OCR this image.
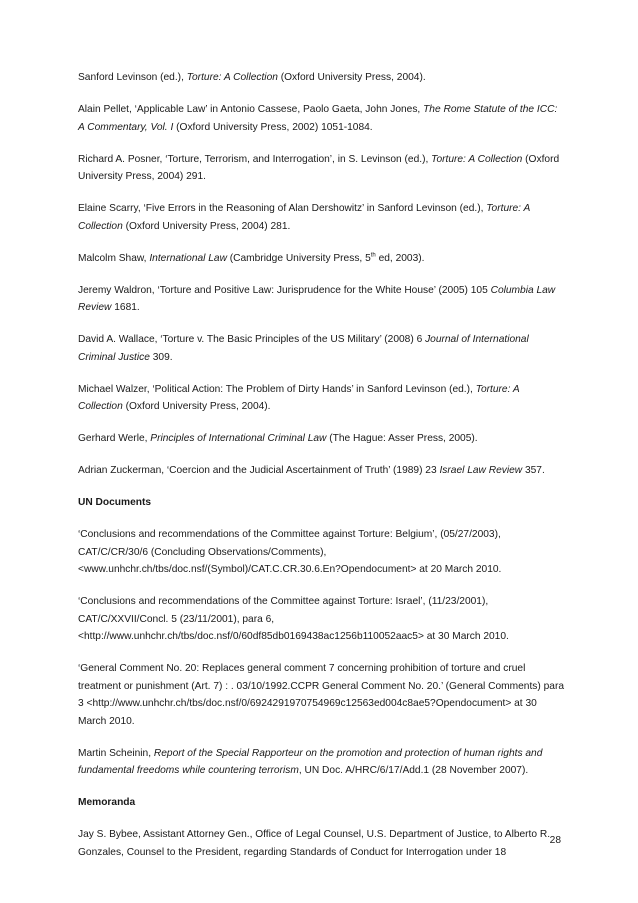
Sanford Levinson (ed.), Torture: A Collection (Oxford University Press, 2004).
Alain Pellet, ‘Applicable Law’ in Antonio Cassese, Paolo Gaeta, John Jones, The Rome Statute of the ICC: A Commentary, Vol. I (Oxford University Press, 2002) 1051-1084.
Richard A. Posner, ‘Torture, Terrorism, and Interrogation’, in S. Levinson (ed.), Torture: A Collection (Oxford University Press, 2004) 291.
Elaine Scarry, ‘Five Errors in the Reasoning of Alan Dershowitz’ in Sanford Levinson (ed.), Torture: A Collection (Oxford University Press, 2004) 281.
Malcolm Shaw, International Law (Cambridge University Press, 5th ed, 2003).
Jeremy Waldron, ‘Torture and Positive Law: Jurisprudence for the White House’ (2005) 105 Columbia Law Review 1681.
David A. Wallace, ‘Torture v. The Basic Principles of the US Military’ (2008) 6 Journal of International Criminal Justice 309.
Michael Walzer, ‘Political Action: The Problem of Dirty Hands’ in Sanford Levinson (ed.), Torture: A Collection (Oxford University Press, 2004).
Gerhard Werle, Principles of International Criminal Law (The Hague: Asser Press, 2005).
Adrian Zuckerman, ‘Coercion and the Judicial Ascertainment of Truth’ (1989) 23 Israel Law Review 357.
UN Documents
‘Conclusions and recommendations of the Committee against Torture: Belgium’, (05/27/2003), CAT/C/CR/30/6 (Concluding Observations/Comments), <www.unhchr.ch/tbs/doc.nsf/(Symbol)/CAT.C.CR.30.6.En?Opendocument> at 20 March 2010.
‘Conclusions and recommendations of the Committee against Torture: Israel’, (11/23/2001), CAT/C/XXVII/Concl. 5 (23/11/2001), para 6, <http://www.unhchr.ch/tbs/doc.nsf/0/60df85db0169438ac1256b110052aac5> at 30 March 2010.
‘General Comment No. 20: Replaces general comment 7 concerning prohibition of torture and cruel treatment or punishment (Art. 7) : . 03/10/1992.CCPR General Comment No. 20.’ (General Comments) para 3 <http://www.unhchr.ch/tbs/doc.nsf/0/6924291970754969c12563ed004c8ae5?Opendocument> at 30 March 2010.
Martin Scheinin, Report of the Special Rapporteur on the promotion and protection of human rights and fundamental freedoms while countering terrorism, UN Doc. A/HRC/6/17/Add.1 (28 November 2007).
Memoranda
Jay S. Bybee, Assistant Attorney Gen., Office of Legal Counsel, U.S. Department of Justice, to Alberto R. Gonzales, Counsel to the President, regarding Standards of Conduct for Interrogation under 18
28
